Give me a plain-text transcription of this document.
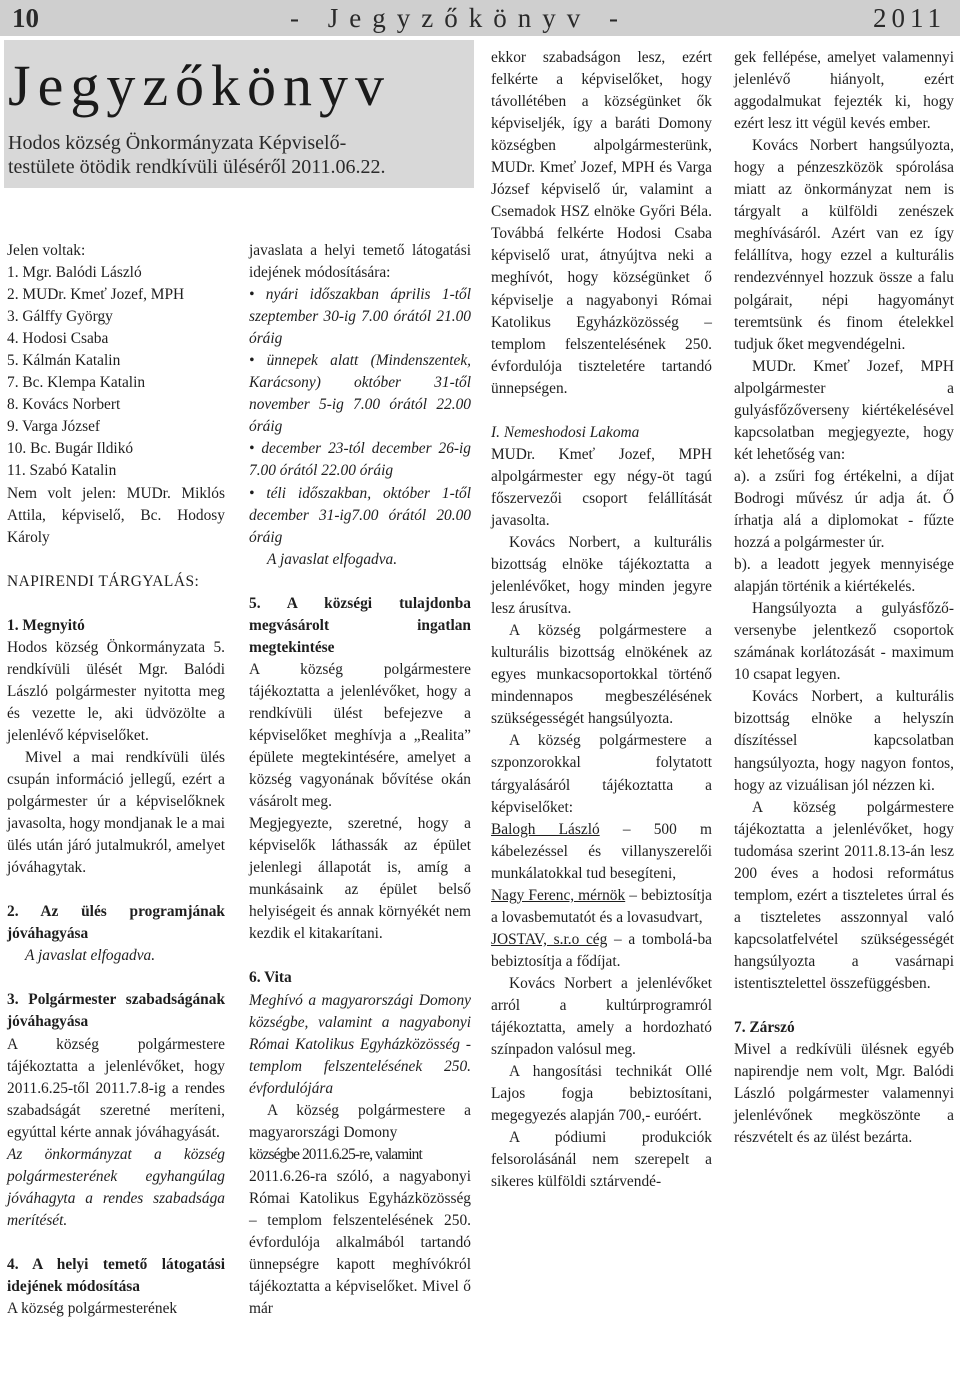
10	- Jegyzőkönyv -	2011
Jegyzőkönyv
Hodos község Önkormányzata Képviselő-
testülete ötödik rendkívüli üléséről 2011.06.22.

Jelen voltak:

1. Mgr. Balódi László

2. MUDr. Kmeť Jozef, MPH

3. Gálffy György

4. Hodosi Csaba

5. Kálmán Katalin

7. Bc. Klempa Katalin

8. Kovács Norbert

9. Varga József

10. Bc. Bugár Ildikó

11. Szabó Katalin

Nem volt jelen: MUDr. Miklós Attila, képviselő, Bc. Hodosy Károly

NAPIRENDI TÁRGYALÁS:

1. Megnyitó

Hodos község Önkormányzata 5. rendkívüli ülését Mgr. Balódi László polgármester nyitotta meg és vezette le, aki üdvözölte a jelenlévő képviselőket.

Mivel a mai rendkívüli ülés csupán információ jellegű, ezért a polgármester úr a képviselőknek javasolta, hogy mondjanak le a mai ülés után járó jutalmukról, amelyet jóváhagytak.

2. Az ülés programjának jóváhagyása

A javaslat elfogadva.

3. Polgármester szabadságának jóváhagyása

A község polgármestere tájékoztatta a jelenlévőket, hogy 2011.6.25-től 2011.7.8-ig a rendes szabadságát szeretné meríteni, egyúttal kérte annak jóváhagyását.

Az önkormányzat a község polgármesterének egyhangúlag jóváhagyta a rendes szabadsága merítését.

4. A helyi temető látogatási idejének módosítása

A község polgármesterének

javaslata a helyi temető látogatási idejének módosítására:

• nyári időszakban április 1-től szeptember 30-ig 7.00 órától 21.00 óráig

• ünnepek alatt (Mindenszentek, Karácsony) október 31-től november 5-ig 7.00 órától 22.00 óráig

• december 23-tól december 26-ig 7.00 órától 22.00 óráig

• téli időszakban, október 1-től december 31-ig7.00 órától 20.00 óráig

A javaslat elfogadva.

5. A községi tulajdonba megvásárolt ingatlan megtekintése

A község polgármestere tájékoztatta a jelenlévőket, hogy a rendkívüli ülést befejezve a képviselőket meghívja a „Realita” épülete megtekintésére, amelyet a község vagyonának bővítése okán vásárolt meg.

Megjegyezte, szeretné, hogy a képviselők láthassák az épület jelenlegi állapotát is, amíg a munkásaink az épület belső helyiségeit és annak környékét nem kezdik el kitakarítani.

6. Vita

Meghívó a magyarországi Domony községbe, valamint a nagyabonyi Római Katolikus Egyházközösség - templom felszentelésének 250. évfordulójára

A község polgármestere a magyarországi Domony

községbe 2011.6.25-re, valamint

2011.6.26-ra szóló, a nagyabonyi Római Katolikus Egyházközösség – templom felszentelésének 250. évfordulója alkalmából tartandó ünnepségre kapott meghívókról tájékoztatta a képviselőket. Mivel ő már

ekkor szabadságon lesz, ezért felkérte a képviselőket, hogy távollétében a községünket ők képviseljék, így a baráti Domony községben alpolgármesterünk, MUDr. Kmeť Jozef, MPH és Varga József képviselő úr, valamint a Csemadok HSZ elnöke Győri Béla. Továbbá felkérte Hodosi Csaba képviselő urat, átnyújtva neki a meghívót, hogy községünket ő képviselje a nagyabonyi Római Katolikus Egyházközösség – templom felszentelésének 250. évfordulója tiszteletére tartandó ünnepségen.

I. Nemeshodosi Lakoma

MUDr. Kmeť Jozef, MPH alpolgármester egy négy-öt tagú főszervezői csoport felállítását javasolta.

Kovács Norbert, a kulturális bizottság elnöke tájékoztatta a jelenlévőket, hogy minden jegyre lesz árusítva.

A község polgármestere a kulturális bizottság elnökének az egyes munkacsoportokkal történő mindennapos megbeszélésének szükségességét hangsúlyozta.

A község polgármestere a szponzorokkal folytatott tárgyalásáról tájékoztatta a képviselőket:

Balogh László – 500 m kábelezéssel és villanyszerelői munkálatokkal tud besegíteni,

Nagy Ferenc, mérnök – bebiztosítja a lovasbemutatót és a lovasudvart,

JOSTAV, s.r.o cég – a tombolá-ba bebiztosítja a fődíjat.

Kovács Norbert a jelenlévőket arról a kultúrprogramról tájékoztatta, amely a hordozható színpadon valósul meg.

A hangosítási technikát Ollé Lajos fogja bebiztosítani, megegyezés alapján 700,- euróért.

A pódiumi produkciók felsorolásánál nem szerepelt a sikeres külföldi sztárvendé-

gek fellépése, amelyet valamennyi jelenlévő hiányolt, ezért aggodalmukat fejezték ki, hogy ezért lesz itt végül kevés ember.

Kovács Norbert hangsúlyozta, hogy a pénzeszközök spórolása miatt az önkormányzat nem is tárgyalt a külföldi zenészek meghívásáról. Azért van ez így felállítva, hogy ezzel a kulturális rendezvénnyel hozzuk össze a falu polgárait, népi hagyományt teremtsünk és finom ételekkel tudjuk őket megvendégelni.

MUDr. Kmeť Jozef, MPH alpolgármester a gulyásfőzőverseny kiértékelésével kapcsolatban megjegyezte, hogy két lehetőség van:

a). a zsűri fog értékelni, a díjat Bodrogi művész úr adja át. Ő írhatja alá a diplomokat - fűzte hozzá a polgármester úr.

b). a leadott jegyek mennyisége alapján történik a kiértékelés.

Hangsúlyozta a gulyásfőző-versenybe jelentkező csoportok számának korlátozását - maximum 10 csapat legyen.

Kovács Norbert, a kulturális bizottság elnöke a helyszín díszítéssel kapcsolatban hangsúlyozta, hogy nagyon fontos, hogy az vizuálisan jól nézzen ki.

A község polgármestere tájékoztatta a jelenlévőket, hogy tudomása szerint 2011.8.13-án lesz 200 éves a hodosi református templom, ezért a tiszteletes úrral és a tiszteletes asszonnyal való kapcsolatfelvétel szükségességét hangsúlyozta a vasárnapi istentisztelettel összefüggésben.

7. Zárszó

Mivel a redkívüli ülésnek egyéb napirendje nem volt, Mgr. Balódi László polgármester valamennyi jelenlévőnek megköszönte a részvételt és az ülést bezárta.
